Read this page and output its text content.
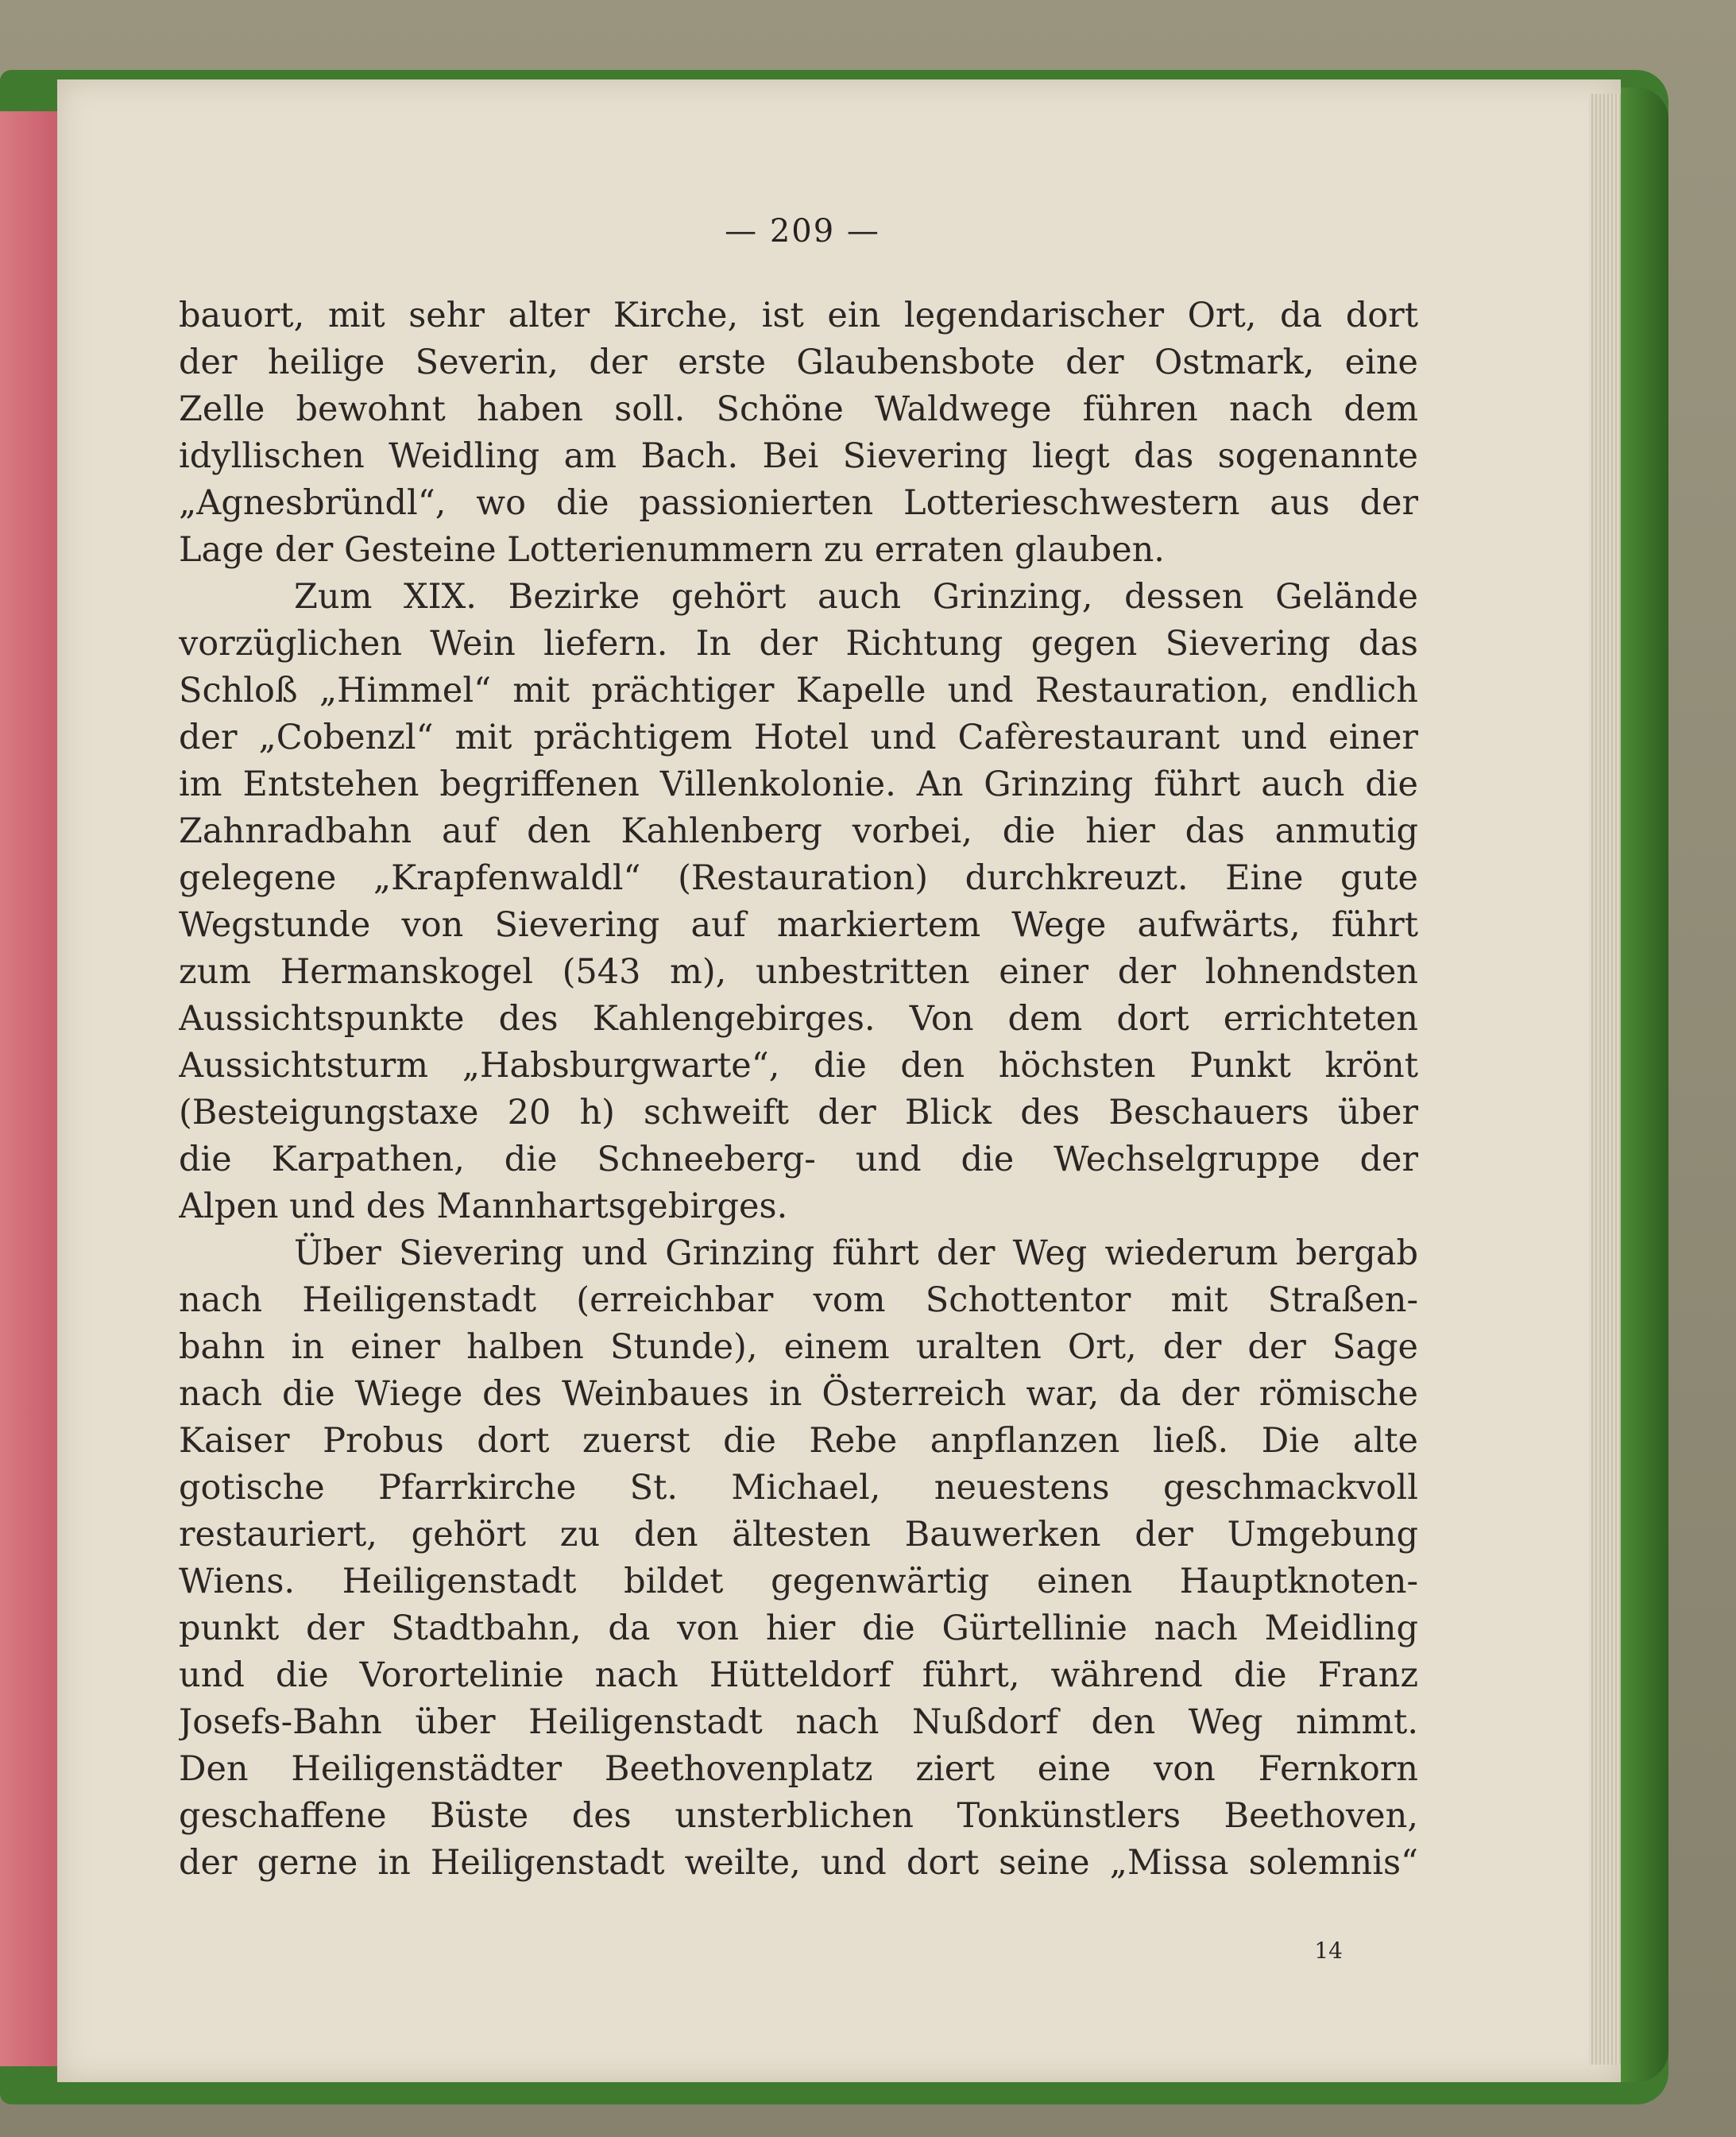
— 209 —
bauort, mit sehr alter Kirche, ist ein legendarischer Ort, da dort
der heilige Severin, der erste Glaubensbote der Ostmark, eine
Zelle bewohnt haben soll. Schöne Waldwege führen nach dem
idyllischen Weidling am Bach. Bei Sievering liegt das sogenannte
„Agnesbründl“, wo die passionierten Lotterieschwestern aus der
Lage der Gesteine Lotterienummern zu erraten glauben.
Zum XIX. Bezirke gehört auch Grinzing, dessen Gelände
vorzüglichen Wein liefern. In der Richtung gegen Sievering das
Schloß „Himmel“ mit prächtiger Kapelle und Restauration, endlich
der „Cobenzl“ mit prächtigem Hotel und Cafèrestaurant und einer
im Entstehen begriffenen Villenkolonie. An Grinzing führt auch die
Zahnradbahn auf den Kahlenberg vorbei, die hier das anmutig
gelegene „Krapfenwaldl“ (Restauration) durchkreuzt. Eine gute
Wegstunde von Sievering auf markiertem Wege aufwärts, führt
zum Hermanskogel (543 m), unbestritten einer der lohnendsten
Aussichtspunkte des Kahlengebirges. Von dem dort errichteten
Aussichtsturm „Habsburgwarte“, die den höchsten Punkt krönt
(Besteigungstaxe 20 h) schweift der Blick des Beschauers über
die Karpathen, die Schneeberg- und die Wechselgruppe der
Alpen und des Mannhartsgebirges.
Über Sievering und Grinzing führt der Weg wiederum bergab
nach Heiligenstadt (erreichbar vom Schottentor mit Straßen-
bahn in einer halben Stunde), einem uralten Ort, der der Sage
nach die Wiege des Weinbaues in Österreich war, da der römische
Kaiser Probus dort zuerst die Rebe anpflanzen ließ. Die alte
gotische Pfarrkirche St. Michael, neuestens geschmackvoll
restauriert, gehört zu den ältesten Bauwerken der Umgebung
Wiens. Heiligenstadt bildet gegenwärtig einen Hauptknoten-
punkt der Stadtbahn, da von hier die Gürtellinie nach Meidling
und die Vorortelinie nach Hütteldorf führt, während die Franz
Josefs-Bahn über Heiligenstadt nach Nußdorf den Weg nimmt.
Den Heiligenstädter Beethovenplatz ziert eine von Fernkorn
geschaffene Büste des unsterblichen Tonkünstlers Beethoven,
der gerne in Heiligenstadt weilte, und dort seine „Missa solemnis“
14
